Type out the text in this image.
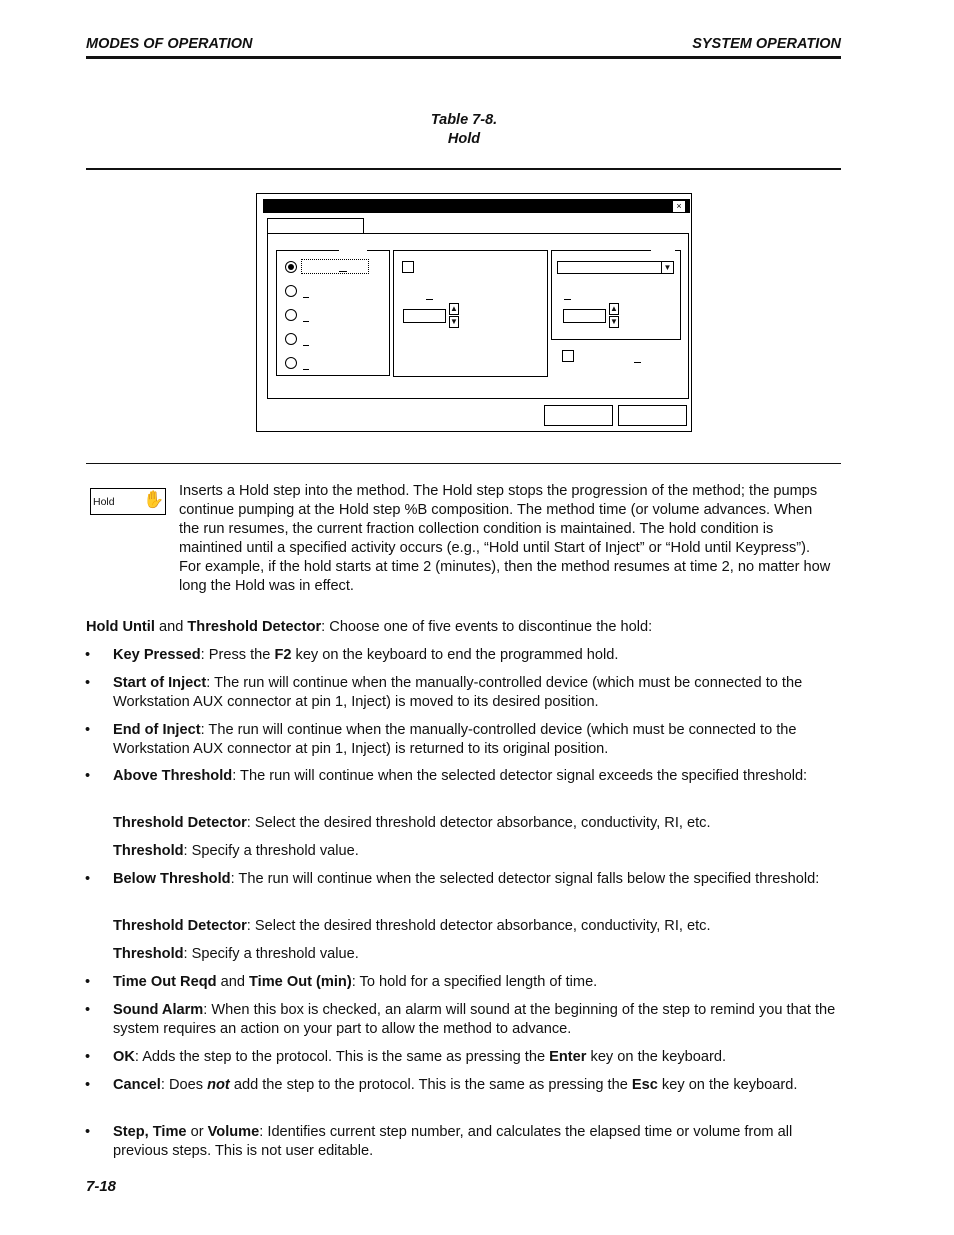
MODES OF OPERATION	SYSTEM OPERATION
Table 7-8.
Hold
×
▲
▼
▼
▲
▼
Hold ✋ Inserts a Hold step into the method. The Hold step stops the progression of the method; the pumps continue pumping at the Hold step %B composition. The method time (or volume advances. When the run resumes, the current fraction collection condition is maintained. The hold condition is maintined until a specified activity occurs (e.g., “Hold until Start of Inject” or “Hold until Keypress”). For example, if the hold starts at time 2 (minutes), then the method resumes at time 2, no matter how long the Hold was in effect.
Hold Until and Threshold Detector: Choose one of five events to discontinue the hold:
• Key Pressed: Press the F2 key on the keyboard to end the programmed hold.
• Start of Inject: The run will continue when the manually-controlled device (which must be connected to the Workstation AUX connector at pin 1, Inject) is moved to its desired position.
• End of Inject: The run will continue when the manually-controlled device (which must be connected to the Workstation AUX connector at pin 1, Inject) is returned to its original position.
• Above Threshold: The run will continue when the selected detector signal exceeds the specified threshold:
Threshold Detector: Select the desired threshold detector absorbance, conductivity, RI, etc.
Threshold: Specify a threshold value.
• Below Threshold: The run will continue when the selected detector signal falls below the specified threshold:
Threshold Detector: Select the desired threshold detector absorbance, conductivity, RI, etc.
Threshold: Specify a threshold value.
• Time Out Reqd and Time Out (min): To hold for a specified length of time.
• Sound Alarm: When this box is checked, an alarm will sound at the beginning of the step to remind you that the system requires an action on your part to allow the method to advance.
• OK: Adds the step to the protocol. This is the same as pressing the Enter key on the keyboard.
• Cancel: Does not add the step to the protocol. This is the same as pressing the Esc key on the keyboard.
• Step, Time or Volume: Identifies current step number, and calculates the elapsed time or volume from all previous steps. This is not user editable.
7-18
